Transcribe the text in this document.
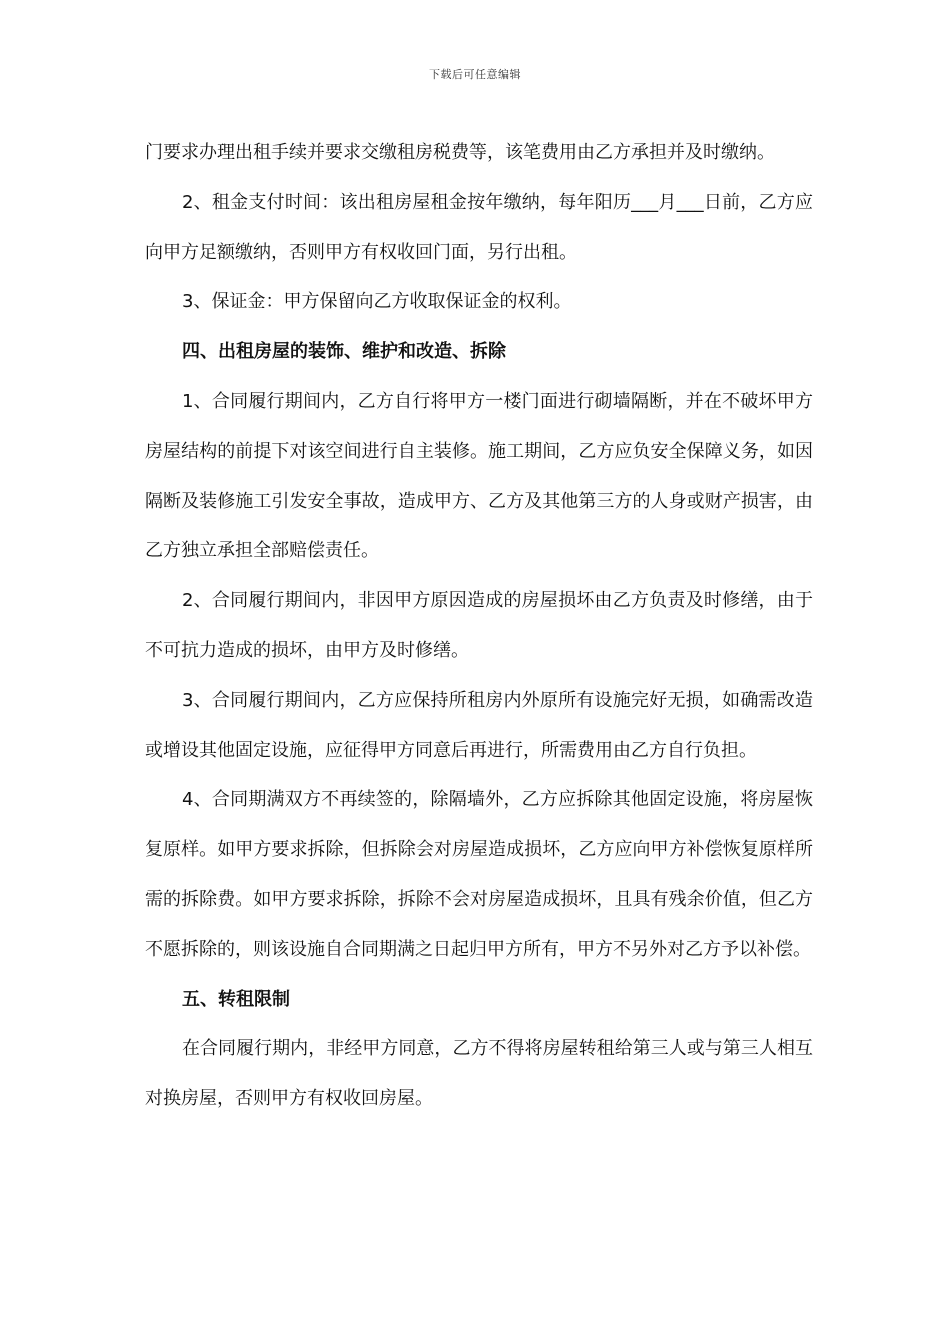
下载后可任意编辑

门要求办理出租手续并要求交缴租房税费等，该笔费用由乙方承担并及时缴纳。

2、租金支付时间：该出租房屋租金按年缴纳，每年阳历___月___日前，乙方应向甲方足额缴纳，否则甲方有权收回门面，另行出租。

3、保证金：甲方保留向乙方收取保证金的权利。

四、出租房屋的装饰、维护和改造、拆除

1、合同履行期间内，乙方自行将甲方一楼门面进行砌墙隔断，并在不破坏甲方房屋结构的前提下对该空间进行自主装修。施工期间，乙方应负安全保障义务，如因隔断及装修施工引发安全事故，造成甲方、乙方及其他第三方的人身或财产损害，由乙方独立承担全部赔偿责任。

2、合同履行期间内，非因甲方原因造成的房屋损坏由乙方负责及时修缮，由于不可抗力造成的损坏，由甲方及时修缮。

3、合同履行期间内，乙方应保持所租房内外原所有设施完好无损，如确需改造或增设其他固定设施，应征得甲方同意后再进行，所需费用由乙方自行负担。

4、合同期满双方不再续签的，除隔墙外，乙方应拆除其他固定设施，将房屋恢复原样。如甲方要求拆除，但拆除会对房屋造成损坏，乙方应向甲方补偿恢复原样所需的拆除费。如甲方要求拆除，拆除不会对房屋造成损坏，且具有残余价值，但乙方不愿拆除的，则该设施自合同期满之日起归甲方所有，甲方不另外对乙方予以补偿。

五、转租限制

在合同履行期内，非经甲方同意，乙方不得将房屋转租给第三人或与第三人相互对换房屋，否则甲方有权收回房屋。
